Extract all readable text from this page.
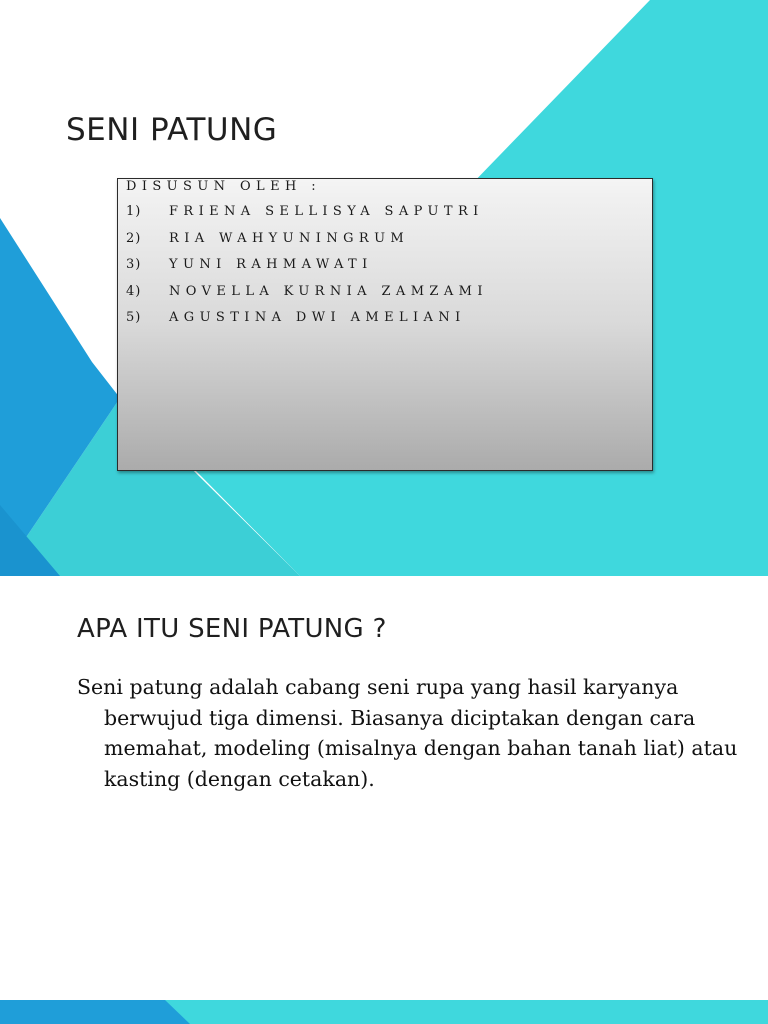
SENI PATUNG
DISUSUN OLEH :
1)	FRIENA SELLISYA SAPUTRI
2)	RIA WAHYUNINGRUM
3)	YUNI RAHMAWATI
4)	NOVELLA KURNIA ZAMZAMI
5)	AGUSTINA DWI AMELIANI
APA ITU SENI PATUNG ?

Seni patung adalah cabang seni rupa yang hasil karyanya berwujud tiga dimensi. Biasanya diciptakan dengan cara memahat, modeling (misalnya dengan bahan tanah liat) atau kasting (dengan cetakan).
